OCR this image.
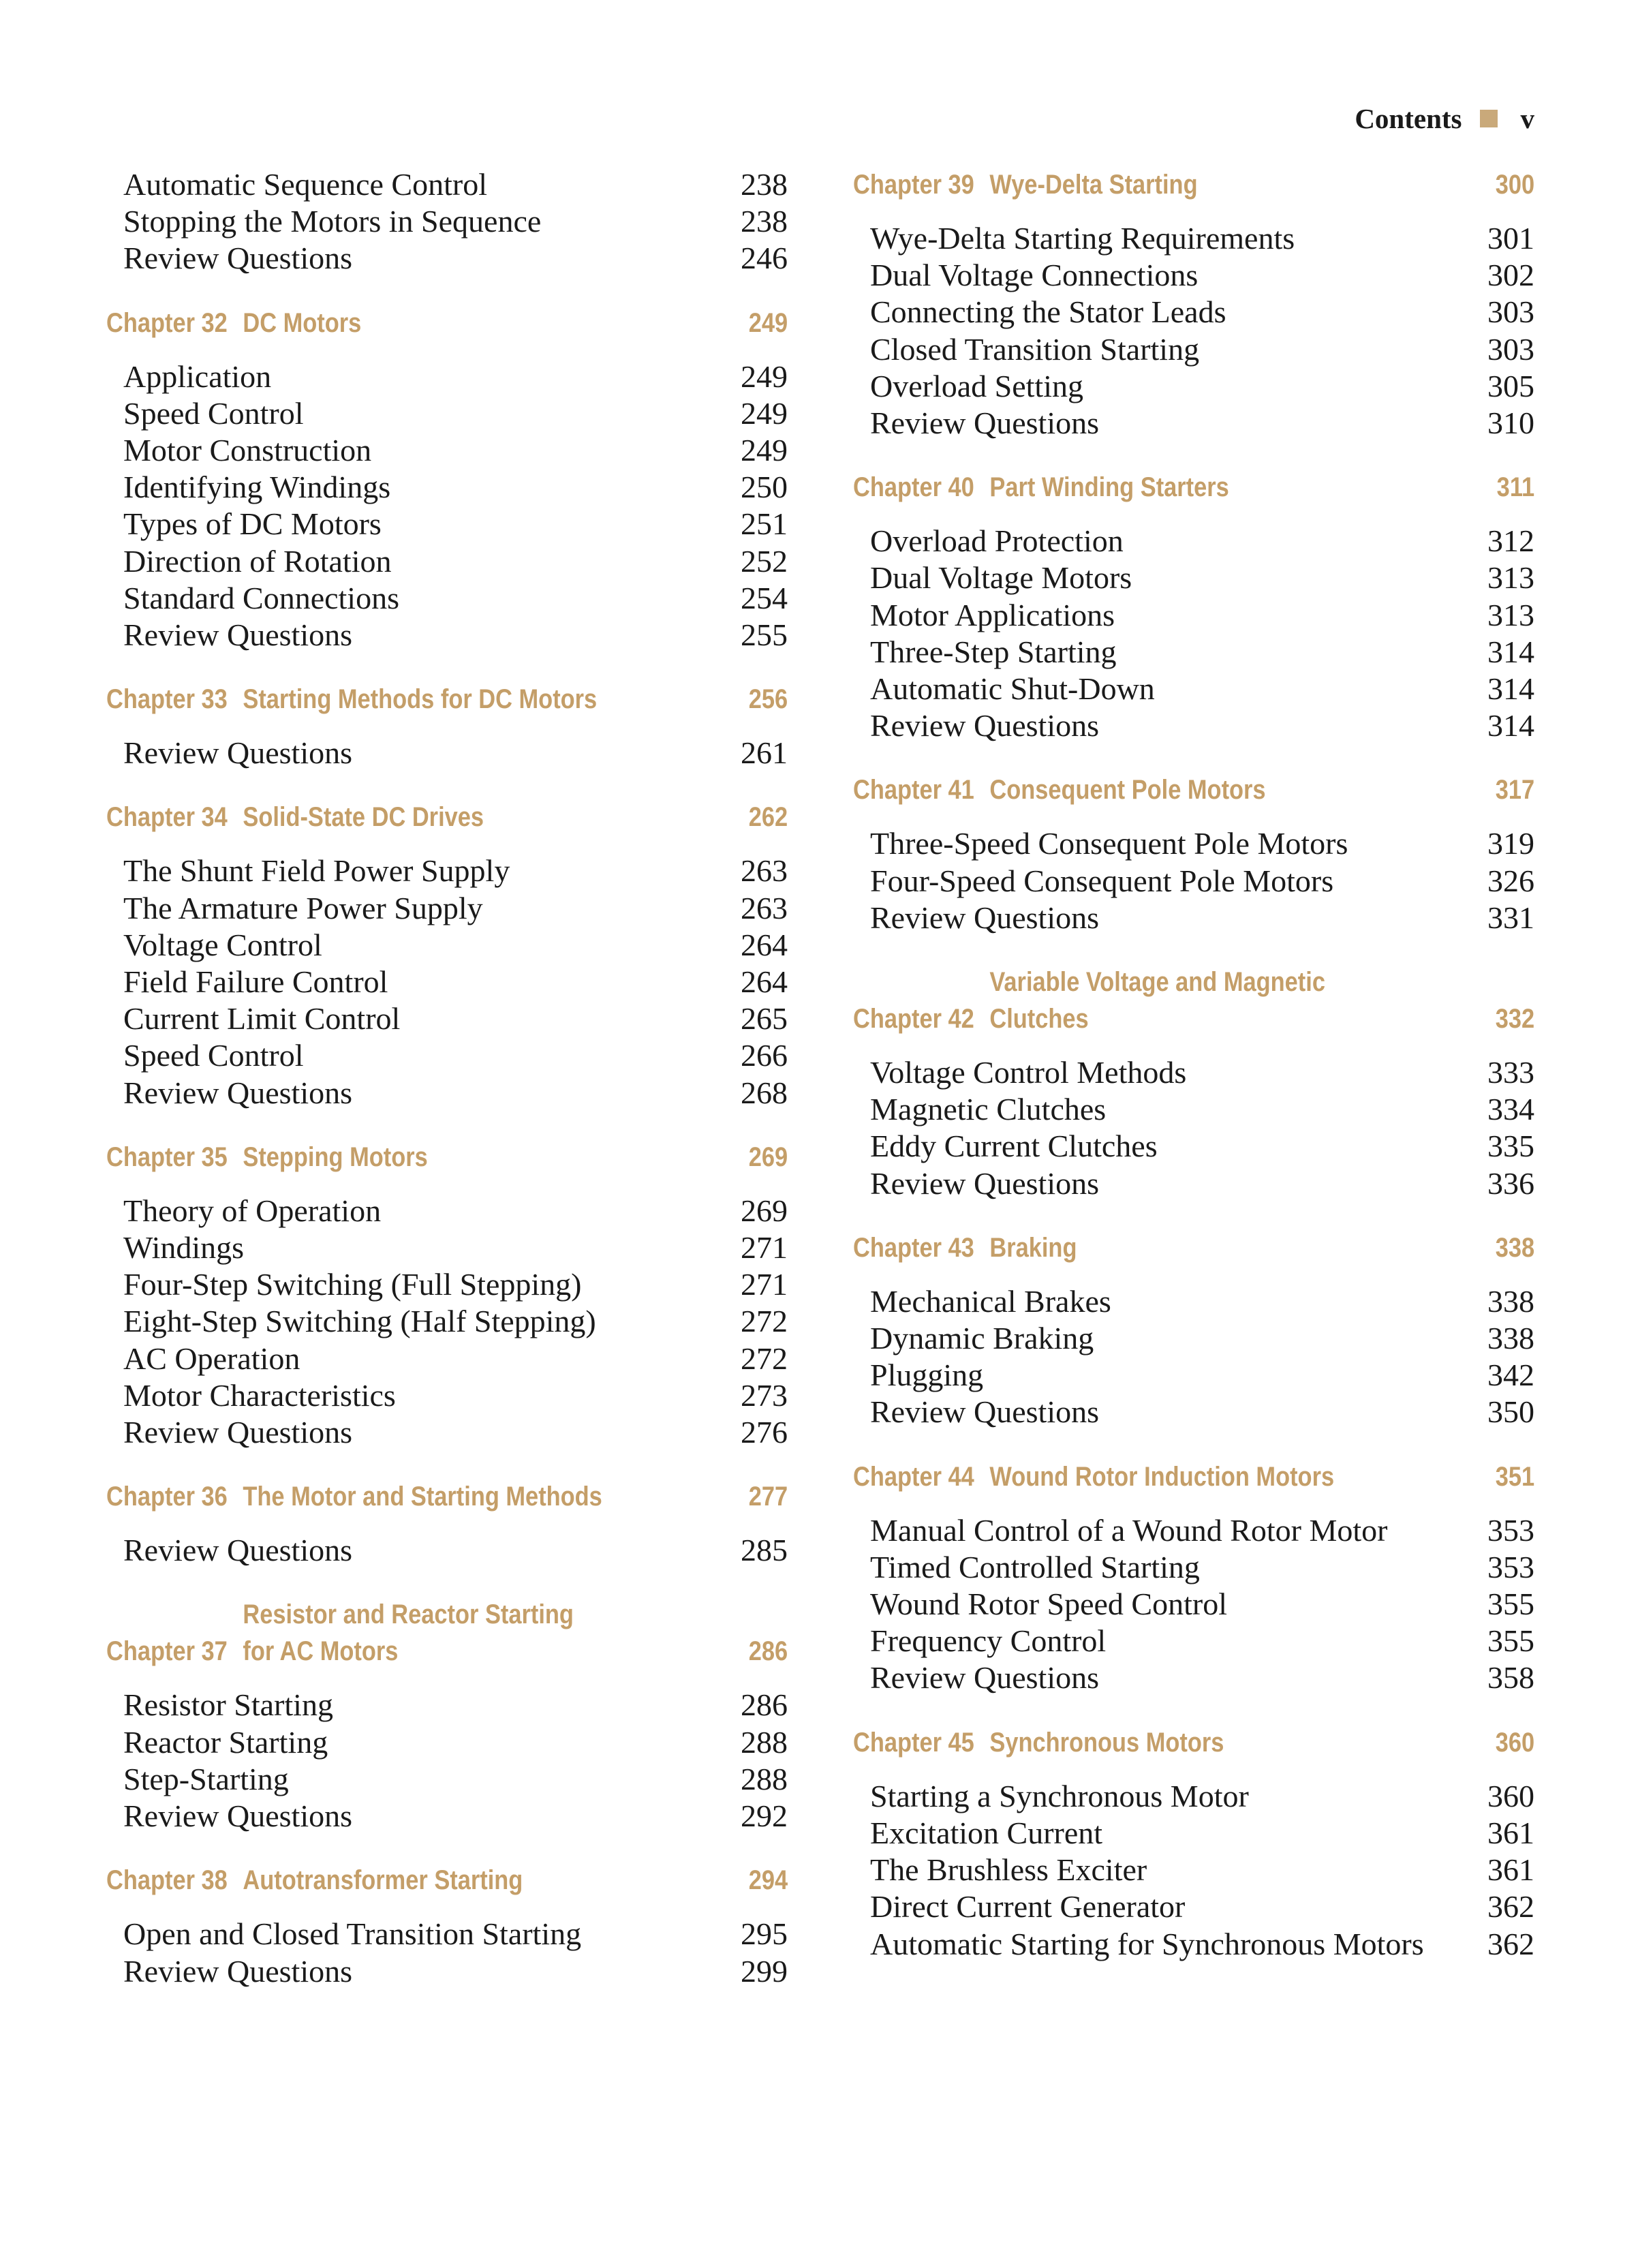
Contents v
Automatic Sequence Control	238
Stopping the Motors in Sequence	238
Review Questions	246
Chapter 32 DC Motors	249
Application	249
Speed Control	249
Motor Construction	249
Identifying Windings	250
Types of DC Motors	251
Direction of Rotation	252
Standard Connections	254
Review Questions	255
Chapter 33 Starting Methods for DC Motors	256
Review Questions	261
Chapter 34 Solid-State DC Drives	262
The Shunt Field Power Supply	263
The Armature Power Supply	263
Voltage Control	264
Field Failure Control	264
Current Limit Control	265
Speed Control	266
Review Questions	268
Chapter 35 Stepping Motors	269
Theory of Operation	269
Windings	271
Four-Step Switching (Full Stepping)	271
Eight-Step Switching (Half Stepping)	272
AC Operation	272
Motor Characteristics	273
Review Questions	276
Chapter 36 The Motor and Starting Methods	277
Review Questions	285
Chapter 37
Resistor and Reactor Starting
for AC Motors	286
Resistor Starting	286
Reactor Starting	288
Step-Starting	288
Review Questions	292
Chapter 38 Autotransformer Starting	294
Open and Closed Transition Starting	295
Review Questions	299
Chapter 39 Wye-Delta Starting	300
Wye-Delta Starting Requirements	301
Dual Voltage Connections	302
Connecting the Stator Leads	303
Closed Transition Starting	303
Overload Setting	305
Review Questions	310
Chapter 40 Part Winding Starters	311
Overload Protection	312
Dual Voltage Motors	313
Motor Applications	313
Three-Step Starting	314
Automatic Shut-Down	314
Review Questions	314
Chapter 41 Consequent Pole Motors	317
Three-Speed Consequent Pole Motors	319
Four-Speed Consequent Pole Motors	326
Review Questions	331
Chapter 42
Variable Voltage and Magnetic
Clutches	332
Voltage Control Methods	333
Magnetic Clutches	334
Eddy Current Clutches	335
Review Questions	336
Chapter 43 Braking	338
Mechanical Brakes	338
Dynamic Braking	338
Plugging	342
Review Questions	350
Chapter 44 Wound Rotor Induction Motors	351
Manual Control of a Wound Rotor Motor	353
Timed Controlled Starting	353
Wound Rotor Speed Control	355
Frequency Control	355
Review Questions	358
Chapter 45 Synchronous Motors	360
Starting a Synchronous Motor	360
Excitation Current	361
The Brushless Exciter	361
Direct Current Generator	362
Automatic Starting for Synchronous Motors 362
